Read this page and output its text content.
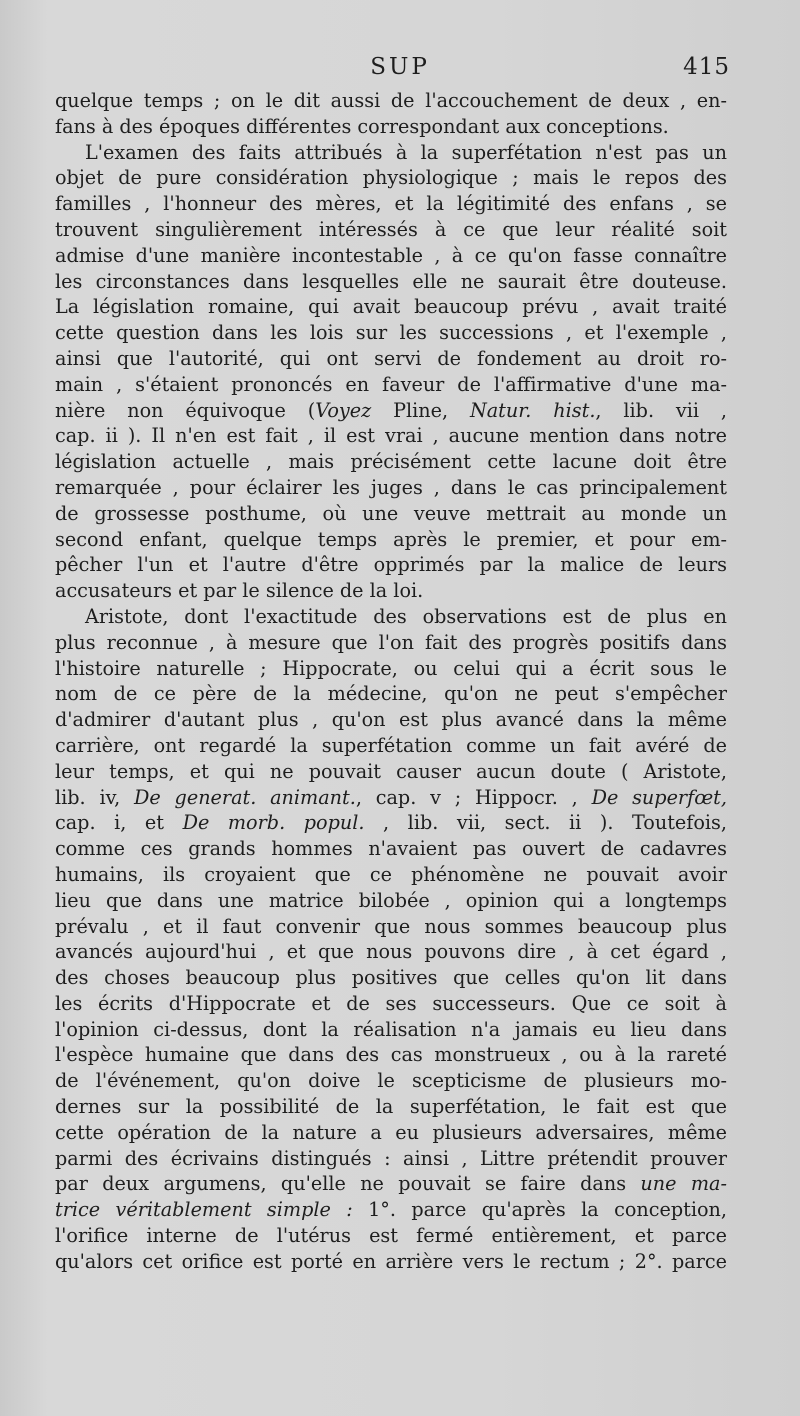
SUP	415
quelque temps ; on le dit aussi de l'accouchement de deux , en-
fans à des époques différentes correspondant aux conceptions.
L'examen des faits attribués à la superfétation n'est pas un
objet de pure considération physiologique ; mais le repos des
familles , l'honneur des mères, et la légitimité des enfans , se
trouvent singulièrement intéressés à ce que leur réalité soit
admise d'une manière incontestable , à ce qu'on fasse connaître
les circonstances dans lesquelles elle ne saurait être douteuse.
La législation romaine, qui avait beaucoup prévu , avait traité
cette question dans les lois sur les successions , et l'exemple ,
ainsi que l'autorité, qui ont servi de fondement au droit ro-
main , s'étaient prononcés en faveur de l'affirmative d'une ma-
nière non équivoque (Voyez Pline, Natur. hist., lib. vii ,
cap. ii ). Il n'en est fait , il est vrai , aucune mention dans notre
législation actuelle , mais précisément cette lacune doit être
remarquée , pour éclairer les juges , dans le cas principalement
de grossesse posthume, où une veuve mettrait au monde un
second enfant, quelque temps après le premier, et pour em-
pêcher l'un et l'autre d'être opprimés par la malice de leurs
accusateurs et par le silence de la loi.
Aristote, dont l'exactitude des observations est de plus en
plus reconnue , à mesure que l'on fait des progrès positifs dans
l'histoire naturelle ; Hippocrate, ou celui qui a écrit sous le
nom de ce père de la médecine, qu'on ne peut s'empêcher
d'admirer d'autant plus , qu'on est plus avancé dans la même
carrière, ont regardé la superfétation comme un fait avéré de
leur temps, et qui ne pouvait causer aucun doute ( Aristote,
lib. iv, De generat. animant., cap. v ; Hippocr. , De superfœt,
cap. i, et De morb. popul. , lib. vii, sect. ii ). Toutefois,
comme ces grands hommes n'avaient pas ouvert de cadavres
humains, ils croyaient que ce phénomène ne pouvait avoir
lieu que dans une matrice bilobée , opinion qui a longtemps
prévalu , et il faut convenir que nous sommes beaucoup plus
avancés aujourd'hui , et que nous pouvons dire , à cet égard ,
des choses beaucoup plus positives que celles qu'on lit dans
les écrits d'Hippocrate et de ses successeurs. Que ce soit à
l'opinion ci-dessus, dont la réalisation n'a jamais eu lieu dans
l'espèce humaine que dans des cas monstrueux , ou à la rareté
de l'événement, qu'on doive le scepticisme de plusieurs mo-
dernes sur la possibilité de la superfétation, le fait est que
cette opération de la nature a eu plusieurs adversaires, même
parmi des écrivains distingués : ainsi , Littre prétendit prouver
par deux argumens, qu'elle ne pouvait se faire dans une ma-
trice véritablement simple : 1°. parce qu'après la conception,
l'orifice interne de l'utérus est fermé entièrement, et parce
qu'alors cet orifice est porté en arrière vers le rectum ; 2°. parce
